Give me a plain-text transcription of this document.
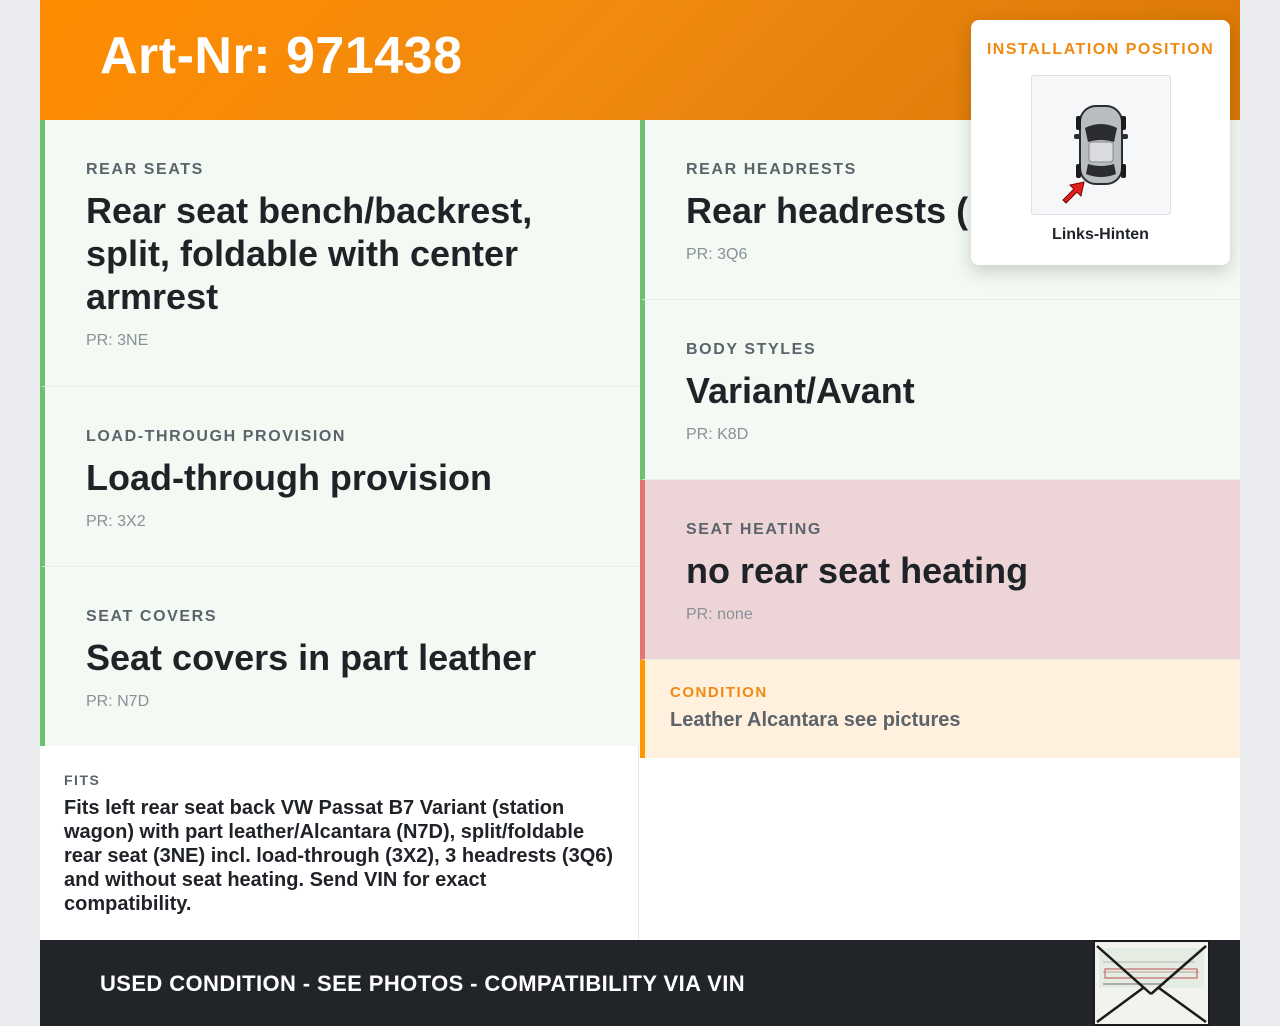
Art-Nr: 971438
REAR SEATS
Rear seat bench/backrest,
split, foldable with center
armrest
PR: 3NE
LOAD-THROUGH PROVISION
Load-through provision
PR: 3X2
SEAT COVERS
Seat covers in part leather
PR: N7D
REAR HEADRESTS
Rear headrests (
PR: 3Q6
BODY STYLES
Variant/Avant
PR: K8D
SEAT HEATING
no rear seat heating
PR: none
CONDITION
Leather Alcantara see pictures
FITS
Fits left rear seat back VW Passat B7 Variant (station wagon) with part leather/Alcantara (N7D), split/foldable rear seat (3NE) incl. load-through (3X2), 3 headrests (3Q6) and without seat heating. Send VIN for exact compatibility.
USED CONDITION - SEE PHOTOS - COMPATIBILITY VIA VIN
INSTALLATION POSITION
Links-Hinten
